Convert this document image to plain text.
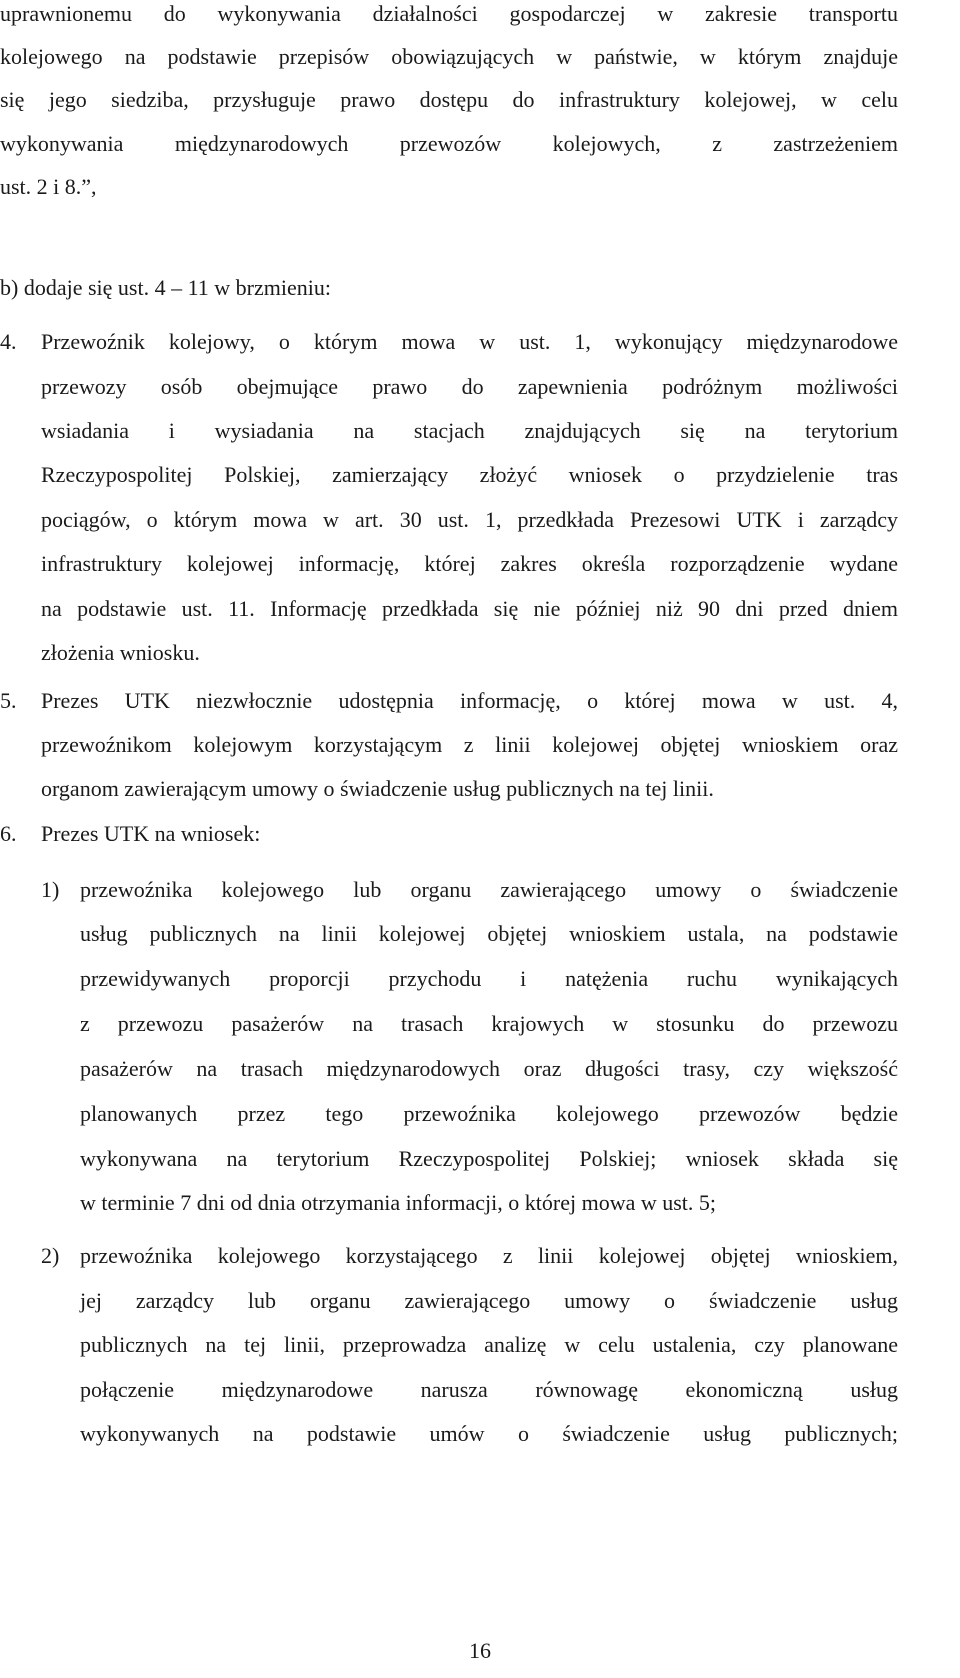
uprawnionemu do wykonywania działalności gospodarczej w zakresie transportu
kolejowego na podstawie przepisów obowiązujących w państwie, w którym znajduje
się jego siedziba, przysługuje prawo dostępu do infrastruktury kolejowej, w celu
wykonywania międzynarodowych przewozów kolejowych, z zastrzeżeniem
ust. 2 i 8.”,
b) dodaje się ust. 4 – 11 w brzmieniu:
4. Przewoźnik kolejowy, o którym mowa w ust. 1, wykonujący międzynarodowe
przewozy osób obejmujące prawo do zapewnienia podróżnym możliwości
wsiadania i wysiadania na stacjach znajdujących się na terytorium
Rzeczypospolitej Polskiej, zamierzający złożyć wniosek o przydzielenie tras
pociągów, o którym mowa w art. 30 ust. 1, przedkłada Prezesowi UTK i zarządcy
infrastruktury kolejowej informację, której zakres określa rozporządzenie wydane
na podstawie ust. 11. Informację przedkłada się nie później niż 90 dni przed dniem
złożenia wniosku.
5. Prezes UTK niezwłocznie udostępnia informację, o której mowa w ust. 4,
przewoźnikom kolejowym korzystającym z linii kolejowej objętej wnioskiem oraz
organom zawierającym umowy o świadczenie usług publicznych na tej linii.
6. Prezes UTK na wniosek:
1) przewoźnika kolejowego lub organu zawierającego umowy o świadczenie
usług publicznych na linii kolejowej objętej wnioskiem ustala, na podstawie
przewidywanych proporcji przychodu i natężenia ruchu wynikających
z przewozu pasażerów na trasach krajowych w stosunku do przewozu
pasażerów na trasach międzynarodowych oraz długości trasy, czy większość
planowanych przez tego przewoźnika kolejowego przewozów będzie
wykonywana na terytorium Rzeczypospolitej Polskiej; wniosek składa się
w terminie 7 dni od dnia otrzymania informacji, o której mowa w ust. 5;
2) przewoźnika kolejowego korzystającego z linii kolejowej objętej wnioskiem,
jej zarządcy lub organu zawierającego umowy o świadczenie usług
publicznych na tej linii, przeprowadza analizę w celu ustalenia, czy planowane
połączenie międzynarodowe narusza równowagę ekonomiczną usług
wykonywanych na podstawie umów o świadczenie usług publicznych;
16
